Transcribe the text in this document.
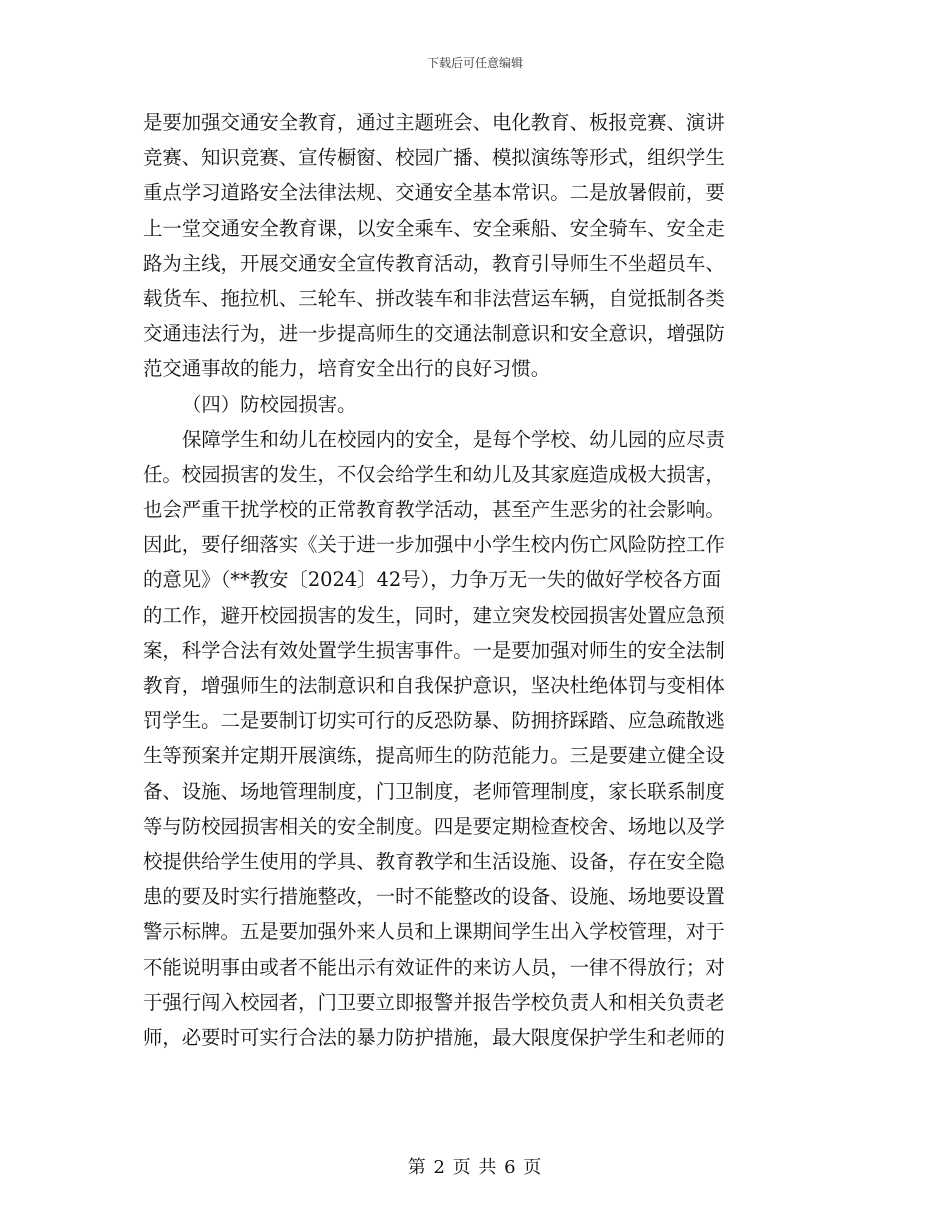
下载后可任意编辑
是要加强交通安全教育，通过主题班会、电化教育、板报竞赛、演讲
竞赛、知识竞赛、宣传橱窗、校园广播、模拟演练等形式，组织学生
重点学习道路安全法律法规、交通安全基本常识。二是放暑假前，要
上一堂交通安全教育课，以安全乘车、安全乘船、安全骑车、安全走
路为主线，开展交通安全宣传教育活动，教育引导师生不坐超员车、
载货车、拖拉机、三轮车、拼改装车和非法营运车辆，自觉抵制各类
交通违法行为，进一步提高师生的交通法制意识和安全意识，增强防
范交通事故的能力，培育安全出行的良好习惯。
（四）防校园损害。
保障学生和幼儿在校园内的安全，是每个学校、幼儿园的应尽责
任。校园损害的发生，不仅会给学生和幼儿及其家庭造成极大损害，
也会严重干扰学校的正常教育教学活动，甚至产生恶劣的社会影响。
因此，要仔细落实《关于进一步加强中小学生校内伤亡风险防控工作
的意见》（**教安〔2024〕42号），力争万无一失的做好学校各方面
的工作，避开校园损害的发生，同时，建立突发校园损害处置应急预
案，科学合法有效处置学生损害事件。一是要加强对师生的安全法制
教育，增强师生的法制意识和自我保护意识，坚决杜绝体罚与变相体
罚学生。二是要制订切实可行的反恐防暴、防拥挤踩踏、应急疏散逃
生等预案并定期开展演练，提高师生的防范能力。三是要建立健全设
备、设施、场地管理制度，门卫制度，老师管理制度，家长联系制度
等与防校园损害相关的安全制度。四是要定期检查校舍、场地以及学
校提供给学生使用的学具、教育教学和生活设施、设备，存在安全隐
患的要及时实行措施整改，一时不能整改的设备、设施、场地要设置
警示标牌。五是要加强外来人员和上课期间学生出入学校管理，对于
不能说明事由或者不能出示有效证件的来访人员，一律不得放行；对
于强行闯入校园者，门卫要立即报警并报告学校负责人和相关负责老
师，必要时可实行合法的暴力防护措施，最大限度保护学生和老师的
第 2 页 共 6 页
